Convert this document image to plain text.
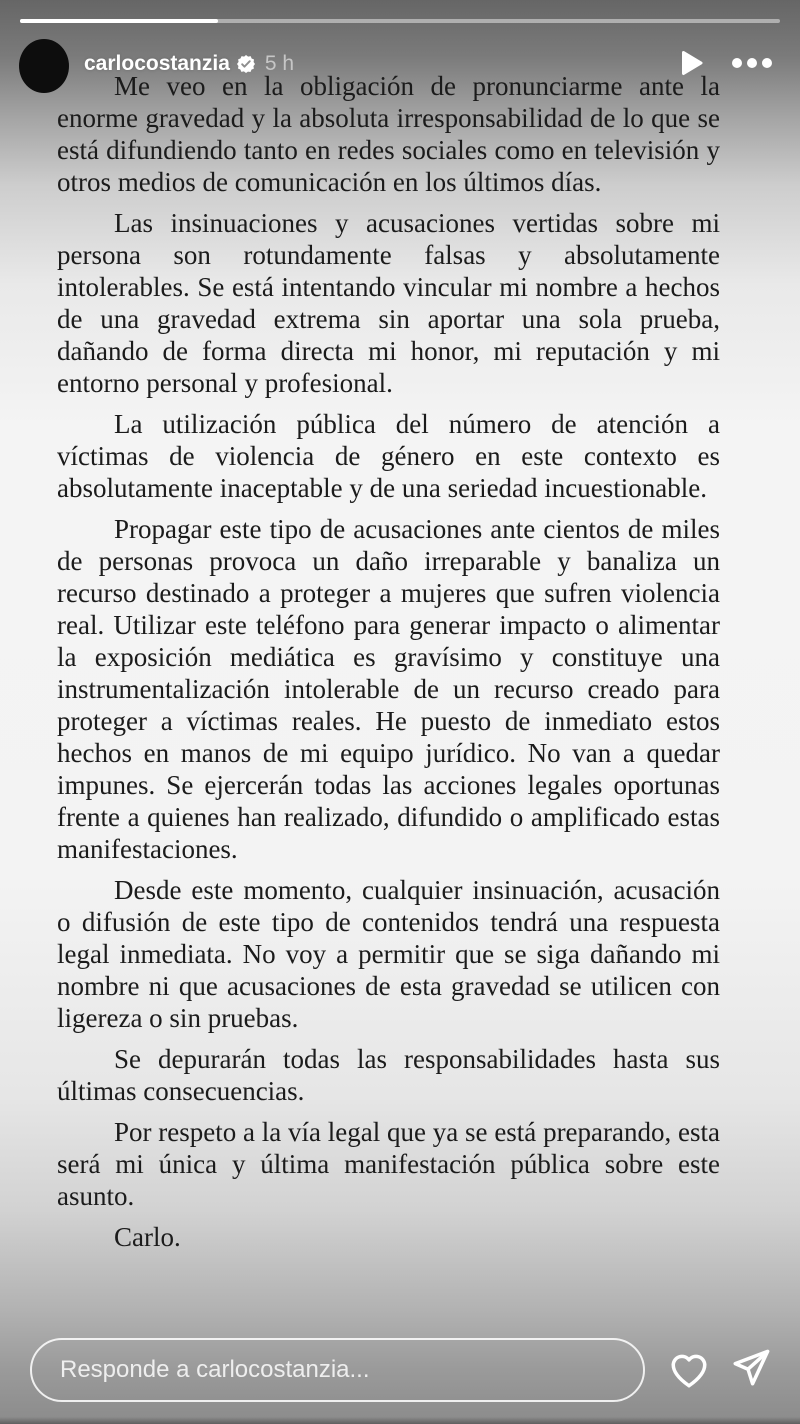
carlocostanzia 5 h

Me veo en la obligación de pronunciarme ante la enorme gravedad y la absoluta irresponsabilidad de lo que se está difundiendo tanto en redes sociales como en televisión y otros medios de comunicación en los últimos días.

Las insinuaciones y acusaciones vertidas sobre mi persona son rotundamente falsas y absolutamente intolerables. Se está intentando vincular mi nombre a hechos de una gravedad extrema sin aportar una sola prueba, dañando de forma directa mi honor, mi reputación y mi entorno personal y profesional.

La utilización pública del número de atención a víctimas de violencia de género en este contexto es absolutamente inaceptable y de una seriedad incuestionable.

Propagar este tipo de acusaciones ante cientos de miles de personas provoca un daño irreparable y banaliza un recurso destinado a proteger a mujeres que sufren violencia real. Utilizar este teléfono para generar impacto o alimentar la exposición mediática es gravísimo y constituye una instrumentalización intolerable de un recurso creado para proteger a víctimas reales. He puesto de inmediato estos hechos en manos de mi equipo jurídico. No van a quedar impunes. Se ejercerán todas las acciones legales oportunas frente a quienes han realizado, difundido o amplificado estas manifestaciones.

Desde este momento, cualquier insinuación, acusación o difusión de este tipo de contenidos tendrá una respuesta legal inmediata. No voy a permitir que se siga dañando mi nombre ni que acusaciones de esta gravedad se utilicen con ligereza o sin pruebas.

Se depurarán todas las responsabilidades hasta sus últimas consecuencias.

Por respeto a la vía legal que ya se está preparando, esta será mi única y última manifestación pública sobre este asunto.

Carlo.

Responde a carlocostanzia...
